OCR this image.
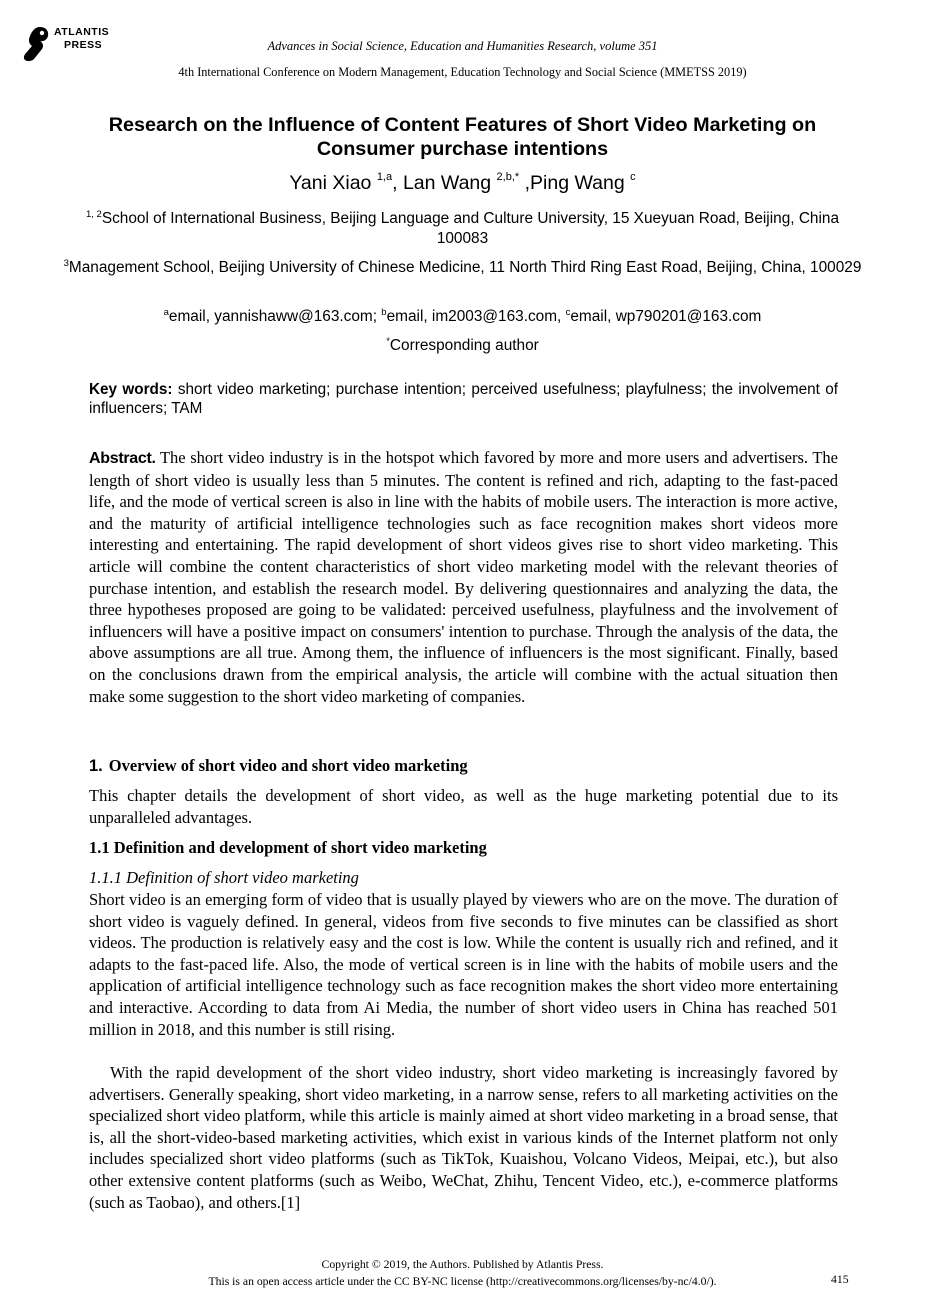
ATLANTIS
PRESS	Advances in Social Science, Education and Humanities Research, volume 351
4th International Conference on Modern Management, Education Technology and Social Science (MMETSS 2019)
Research on the Influence of Content Features of Short Video Marketing on Consumer purchase intentions
Yani Xiao $^{1,a}$, Lan Wang $^{2,b,*}$ ,Ping Wang $^c$
$^{1, 2}$School of International Business, Beijing Language and Culture University, 15 Xueyuan Road, Beijing, China 100083
$^3$Management School, Beijing University of Chinese Medicine, 11 North Third Ring East Road, Beijing, China, 100029
$^a$email, yannishaww@163.com; $^b$email, im2003@163.com, $^c$email, wp790201@163.com
*Corresponding author
Key words: short video marketing; purchase intention; perceived usefulness; playfulness; the involvement of influencers; TAM
Abstract. The short video industry is in the hotspot which favored by more and more users and advertisers. The length of short video is usually less than 5 minutes. The content is refined and rich, adapting to the fast-paced life, and the mode of vertical screen is also in line with the habits of mobile users. The interaction is more active, and the maturity of artificial intelligence technologies such as face recognition makes short videos more interesting and entertaining. The rapid development of short videos gives rise to short video marketing. This article will combine the content characteristics of short video marketing model with the relevant theories of purchase intention, and establish the research model. By delivering questionnaires and analyzing the data, the three hypotheses proposed are going to be validated: perceived usefulness, playfulness and the involvement of influencers will have a positive impact on consumers' intention to purchase. Through the analysis of the data, the above assumptions are all true. Among them, the influence of influencers is the most significant. Finally, based on the conclusions drawn from the empirical analysis, the article will combine with the actual situation then make some suggestion to the short video marketing of companies.
1. Overview of short video and short video marketing
This chapter details the development of short video, as well as the huge marketing potential due to its unparalleled advantages.
1.1 Definition and development of short video marketing
1.1.1 Definition of short video marketing
Short video is an emerging form of video that is usually played by viewers who are on the move. The duration of short video is vaguely defined. In general, videos from five seconds to five minutes can be classified as short videos. The production is relatively easy and the cost is low. While the content is usually rich and refined, and it adapts to the fast-paced life. Also, the mode of vertical screen is in line with the habits of mobile users and the application of artificial intelligence technology such as face recognition makes the short video more entertaining and interactive. According to data from Ai Media, the number of short video users in China has reached 501 million in 2018, and this number is still rising.
With the rapid development of the short video industry, short video marketing is increasingly favored by advertisers. Generally speaking, short video marketing, in a narrow sense, refers to all marketing activities on the specialized short video platform, while this article is mainly aimed at short video marketing in a broad sense, that is, all the short-video-based marketing activities, which exist in various kinds of the Internet platform not only includes specialized short video platforms (such as TikTok, Kuaishou, Volcano Videos, Meipai, etc.), but also other extensive content platforms (such as Weibo, WeChat, Zhihu, Tencent Video, etc.), e-commerce platforms (such as Taobao), and others.[1]
Copyright © 2019, the Authors. Published by Atlantis Press.
This is an open access article under the CC BY-NC license (http://creativecommons.org/licenses/by-nc/4.0/).	415
